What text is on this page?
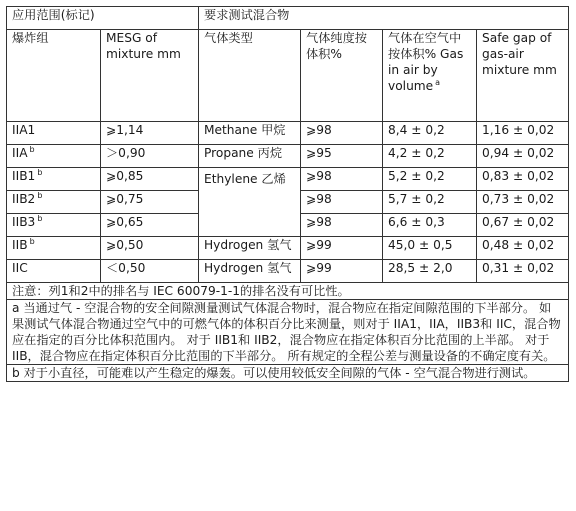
应用范围(标记)		要求测试混合物			
爆炸组	MESG of mixture mm	气体类型	气体纯度按体积%	气体在空气中按体积% Gas in air by volume $^a$	Safe gap of gas-air mixture mm
IIA1	⩾1,14	Methane 甲烷	⩾98	8,4 ± 0,2	1,16 ± 0,02
IIA $^b$	＞0,90	Propane 丙烷	⩾95	4,2 ± 0,2	0,94 ± 0,02
IIB1 $^b$	⩾0,85	Ethylene 乙烯	⩾98	5,2 ± 0,2	0,83 ± 0,02
IIB2 $^b$	⩾0,75		⩾98	5,7 ± 0,2	0,73 ± 0,02
IIB3 $^b$	⩾0,65		⩾98	6,6 ± 0,3	0,67 ± 0,02
IIB $^b$	⩾0,50	Hydrogen 氢气	⩾99	45,0 ± 0,5	0,48 ± 0,02
IIC	＜0,50	Hydrogen 氢气	⩾99	28,5 ± 2,0	0,31 ± 0,02
注意：列1和2中的排名与 IEC 60079-1-1的排名没有可比性。					
a 当通过气 - 空混合物的安全间隙测量测试气体混合物时，混合物应在指定间隙范围的下半部分。 如果测试气体混合物通过空气中的可燃气体的体积百分比来测量，则对于 IIA1，IIA，IIB3和 IIC，混合物应在指定的百分比体积范围内。 对于 IIB1和 IIB2，混合物应在指定体积百分比范围的上半部。 对于 IIB，混合物应在指定体积百分比范围的下半部分。 所有规定的全程公差与测量设备的不确定度有关。					
b 对于小直径，可能难以产生稳定的爆轰。可以使用较低安全间隙的气体 - 空气混合物进行测试。					
